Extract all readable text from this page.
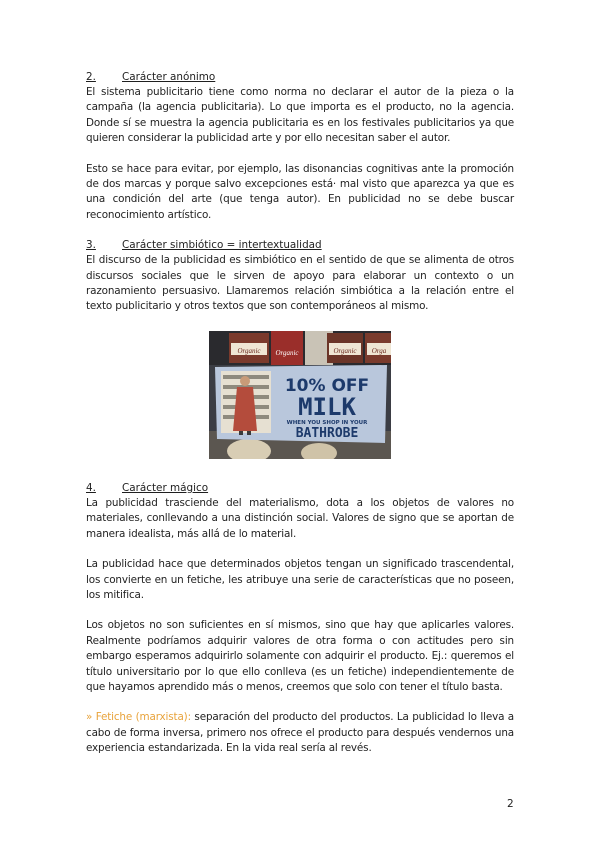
2.	Carácter anónimo

El sistema publicitario tiene como norma no declarar el autor de la pieza o la campaña (la agencia publicitaria). Lo que importa es el producto, no la agencia. Donde sí se muestra la agencia publicitaria es en los festivales publicitarios ya que quieren considerar la publicidad arte y por ello necesitan saber el autor.

Esto se hace para evitar, por ejemplo, las disonancias cognitivas ante la promoción de dos marcas y porque salvo excepciones está· mal visto que aparezca ya que es una condición del arte (que tenga autor). En publicidad no se debe buscar reconocimiento artístico.

3.	Carácter simbiótico = intertextualidad

El discurso de la publicidad es simbiótico en el sentido de que se alimenta de otros discursos sociales que le sirven de apoyo para elaborar un contexto o un razonamiento persuasivo. Llamaremos relación simbiótica a la relación entre el texto publicitario y otros textos que son contemporáneos al mismo.

Organic Organic	Organic Orga
10% OFF
MILK
WHEN YOU SHOP IN YOUR
BATHROBE
4.	Carácter mágico

La publicidad trasciende del materialismo, dota a los objetos de valores no materiales, conllevando a una distinción social. Valores de signo que se aportan de manera idealista, más allá de lo material.

La publicidad hace que determinados objetos tengan un significado trascendental, los convierte en un fetiche, les atribuye una serie de características que no poseen, los mitifica.

Los objetos no son suficientes en sí mismos, sino que hay que aplicarles valores. Realmente podríamos adquirir valores de otra forma o con actitudes pero sin embargo esperamos adquirirlo solamente con adquirir el producto. Ej.: queremos el título universitario por lo que ello conlleva (es un fetiche) independientemente de que hayamos aprendido más o menos, creemos que solo con tener el título basta.

» Fetiche (marxista): separación del producto del productos. La publicidad lo lleva a cabo de forma inversa, primero nos ofrece el producto para después vendernos una experiencia estandarizada. En la vida real sería al revés.

2
